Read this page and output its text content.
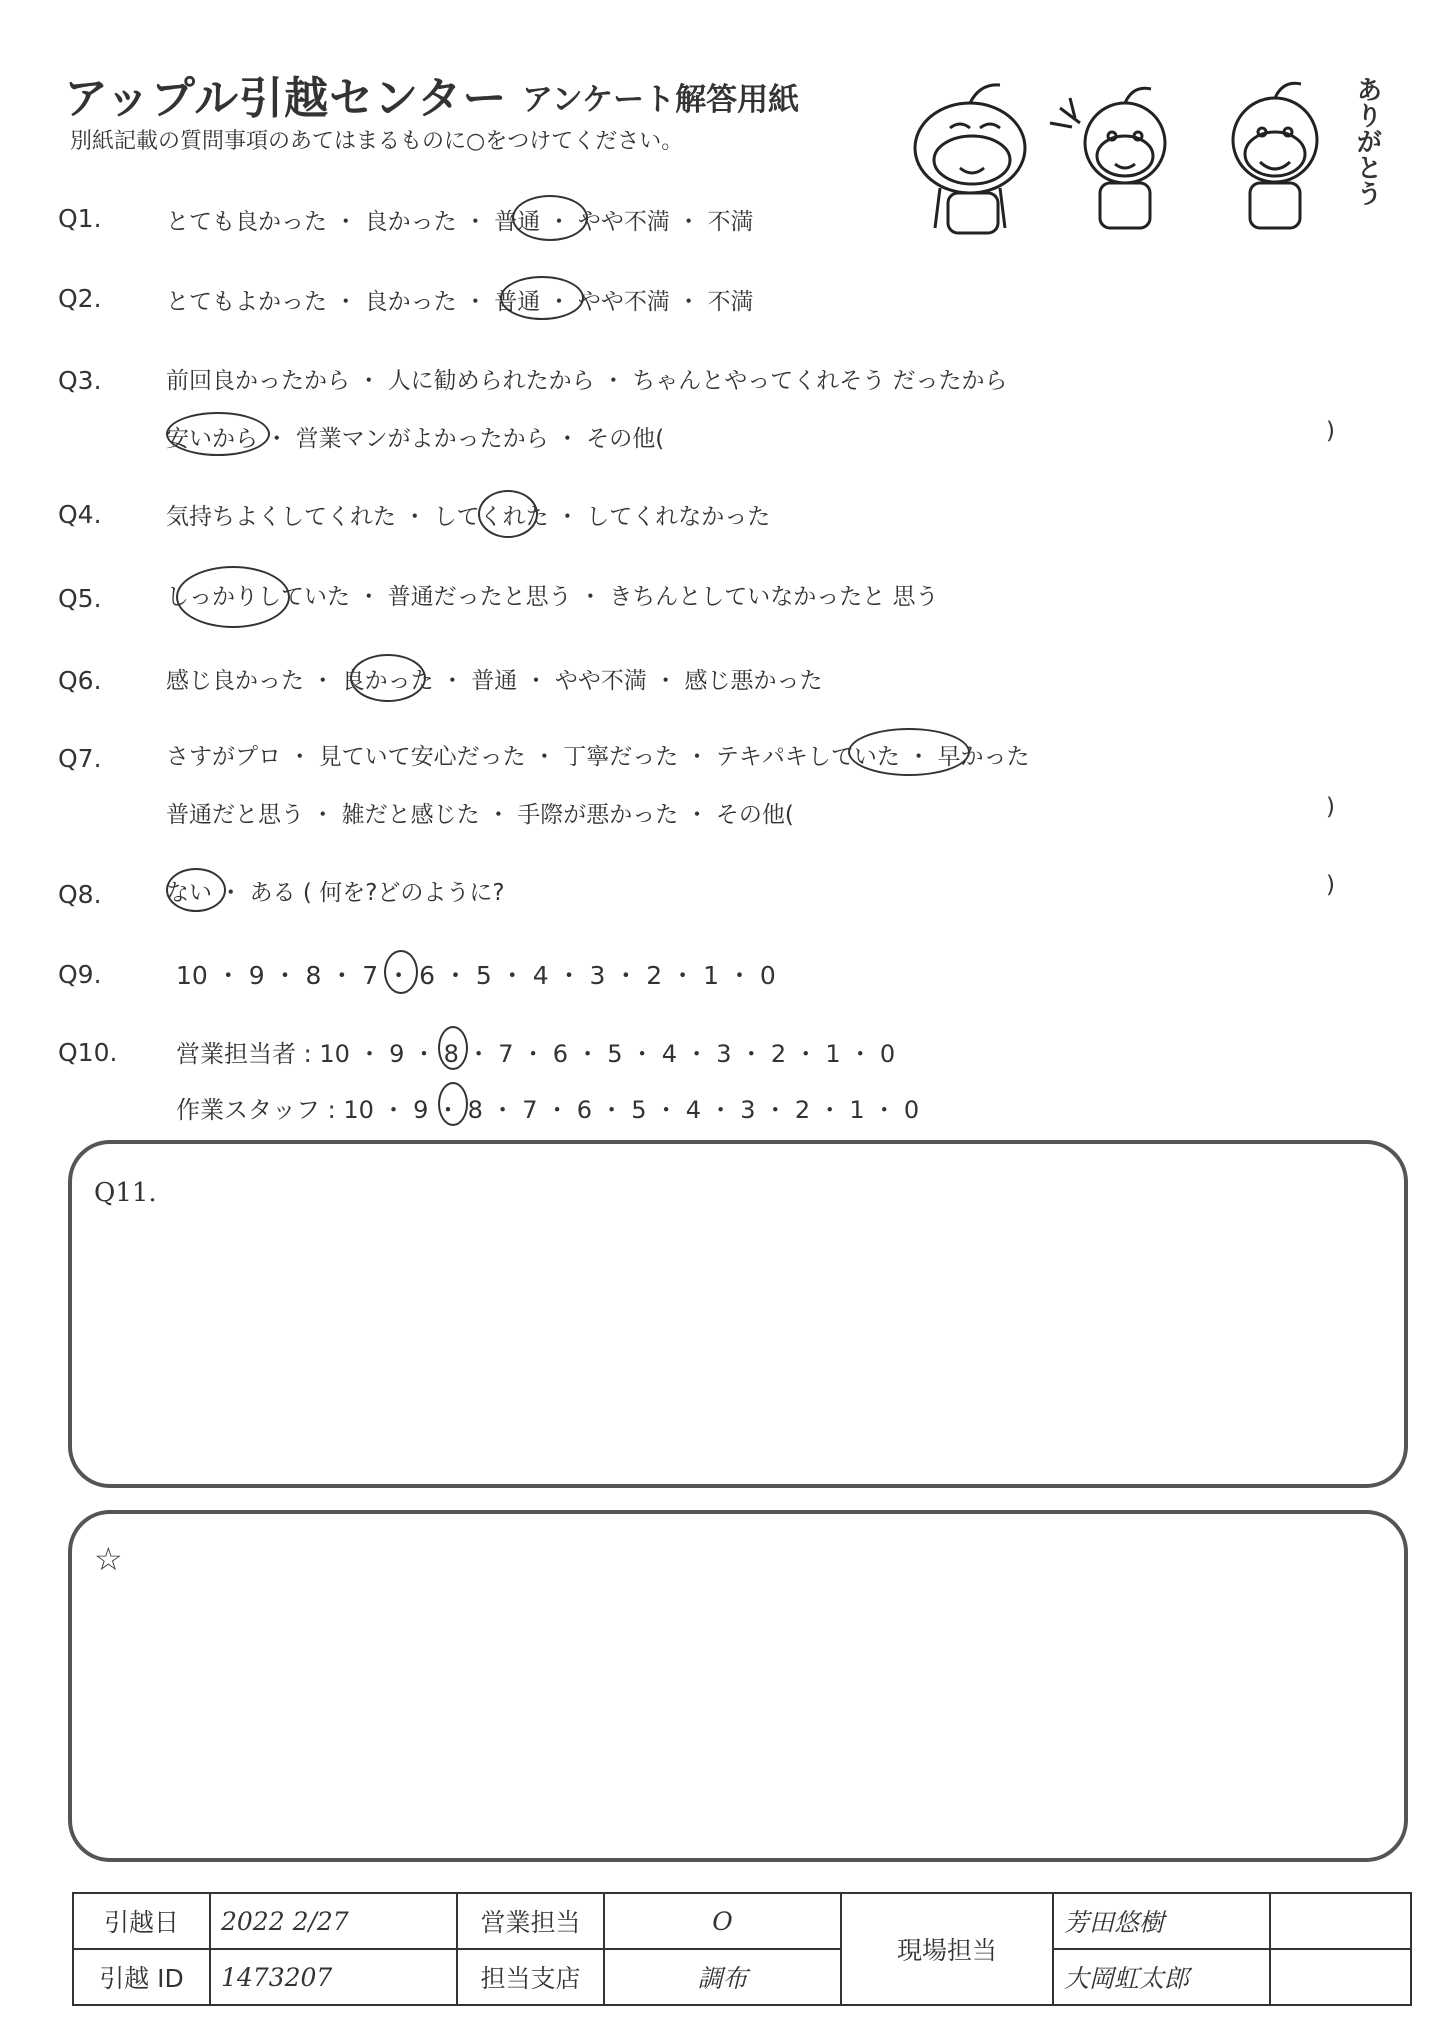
アップル引越センター アンケート解答用紙
別紙記載の質問事項のあてはまるものに○をつけてください。	ありがとう
Q1.	とても良かった ・ 良かった ・ 普通 ・ やや不満 ・ 不満
Q2.	とてもよかった ・ 良かった ・ 普通 ・ やや不満 ・ 不満
Q3.	前回良かったから ・ 人に勧められたから ・ ちゃんとやってくれそう だったから
安いから ・ 営業マンがよかったから ・ その他(	)
Q4.	気持ちよくしてくれた ・ してくれた ・ してくれなかった
Q5.	しっかりしていた ・ 普通だったと思う ・ きちんとしていなかったと 思う
Q6.	感じ良かった ・ 良かった ・ 普通 ・ やや不満 ・ 感じ悪かった
Q7.	さすがプロ ・ 見ていて安心だった ・ 丁寧だった ・ テキパキしていた ・ 早かった
普通だと思う ・ 雑だと感じた ・ 手際が悪かった ・ その他(	)
Q8.	ない ・ ある ( 何を?どのように?	)
Q9.	10 ・ 9 ・ 8 ・ 7 ・ 6 ・ 5 ・ 4 ・ 3 ・ 2 ・ 1 ・ 0
Q10. 営業担当者 : 10 ・ 9 ・ 8 ・ 7 ・ 6 ・ 5 ・ 4 ・ 3 ・ 2 ・ 1 ・ 0
作業スタッフ : 10 ・ 9 ・ 8 ・ 7 ・ 6 ・ 5 ・ 4 ・ 3 ・ 2 ・ 1 ・ 0
Q11.
☆
引越日	2022 2/27	営業担当	O	現場担当	芳田悠樹	
引越 ID	1473207	担当支店	調布		大岡虹太郎	
